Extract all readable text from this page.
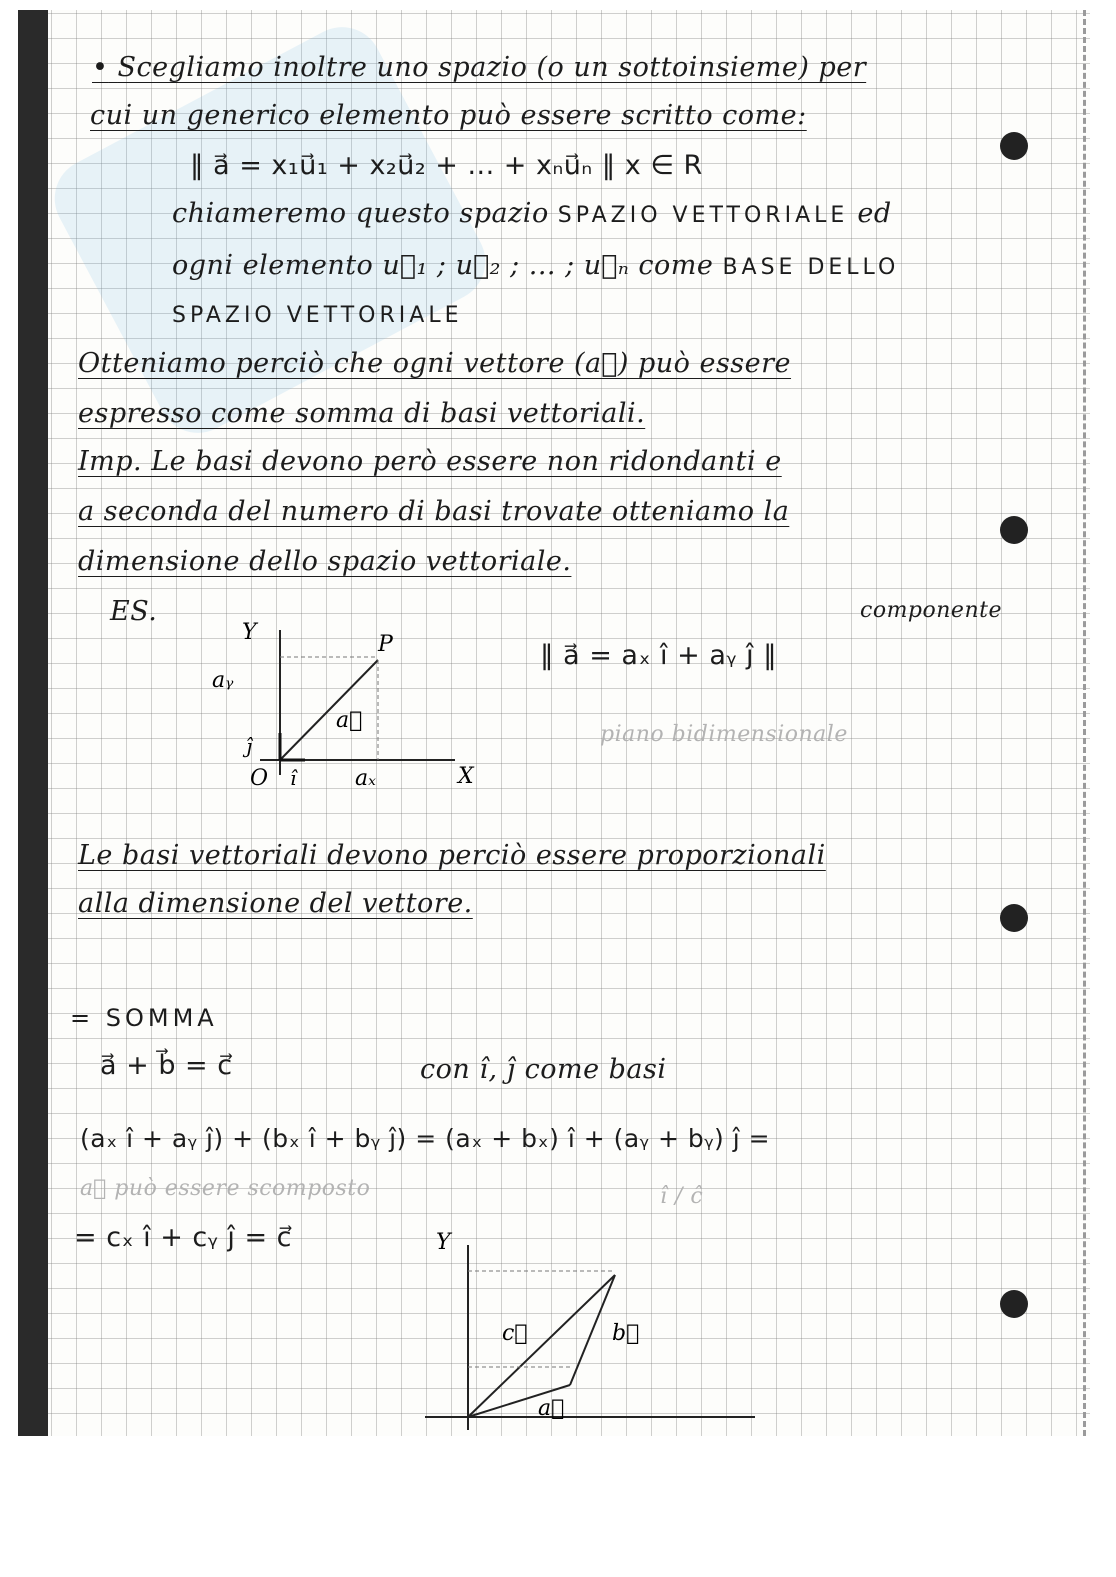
• Scegliamo inoltre uno spazio (o un sottoinsieme) per
cui un generico elemento può essere scritto come:
‖ a⃗ = x₁u⃗₁ + x₂u⃗₂ + ... + xₙu⃗ₙ ‖ x ∈ R
chiameremo questo spazio SPAZIO VETTORIALE ed
ogni elemento u⃗₁ ; u⃗₂ ; ... ; u⃗ₙ come BASE DELLO
SPAZIO VETTORIALE
Otteniamo perciò che ogni vettore (a⃗) può essere
espresso come somma di basi vettoriali.
Imp. Le basi devono però essere non ridondanti e
a seconda del numero di basi trovate otteniamo la
dimensione dello spazio vettoriale.
ES.	componente
‖ a⃗ = aₓ î + aᵧ ĵ ‖
piano bidimensionale
Y
X
O
P
aᵧ
aₓ
ĵ
î
a⃗
Le basi vettoriali devono perciò essere proporzionali
alla dimensione del vettore.
= SOMMA
a⃗ + b⃗ = c⃗	con î, ĵ come basi
(aₓ î + aᵧ ĵ) + (bₓ î + bᵧ ĵ) = (aₓ + bₓ) î + (aᵧ + bᵧ) ĵ =
a⃗ può essere scomposto	î / ĉ
= cₓ î + cᵧ ĵ = c⃗	Y
c⃗	b⃗
a⃗
